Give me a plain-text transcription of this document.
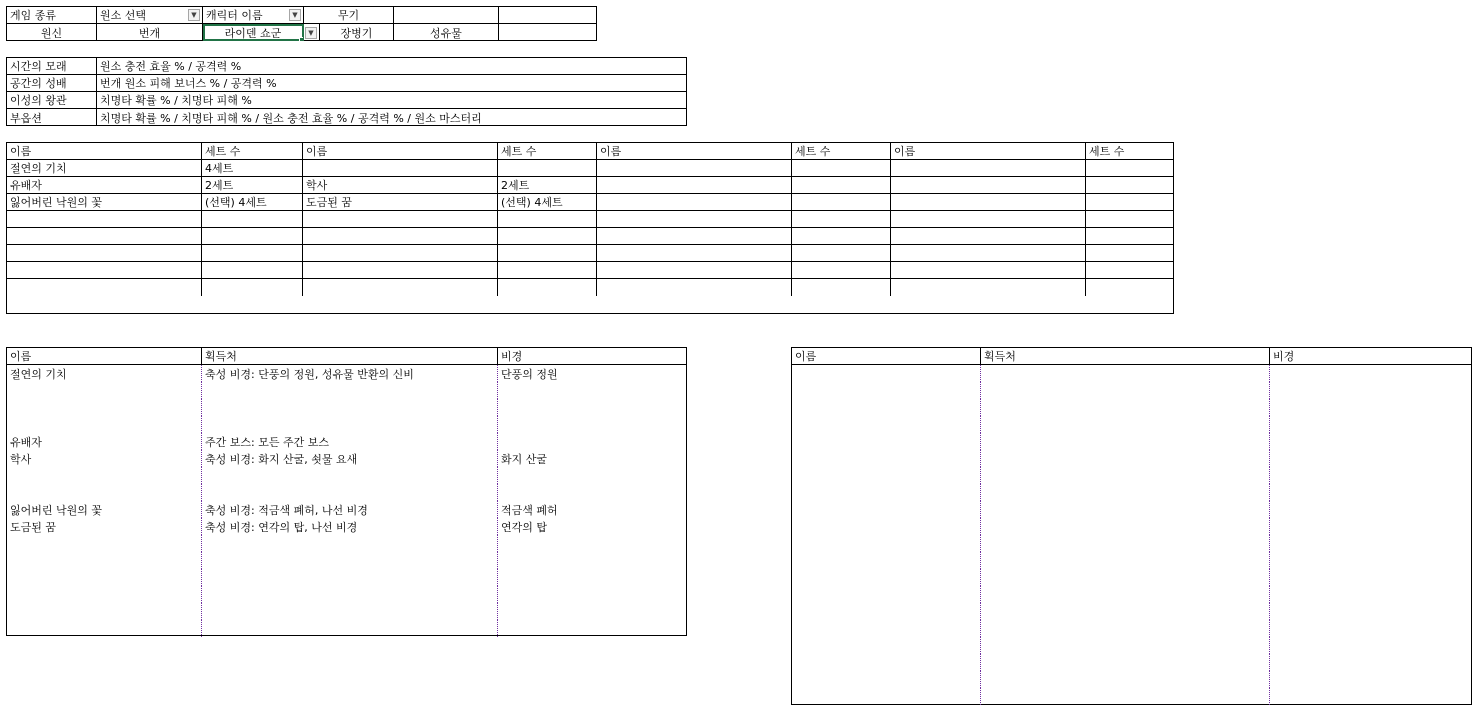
게임 종류	원소 선택	▼ 캐릭터 이름	▼	무기
원신	번개	라이덴 쇼군	▼	장병기	성유물
시간의 모래	원소 충전 효율 % / 공격력 %
공간의 성배	번개 원소 피해 보너스 % / 공격력 %
이성의 왕관	치명타 확률 % / 치명타 피해 %
부옵션	치명타 확률 % / 치명타 피해 % / 원소 충전 효율 % / 공격력 % / 원소 마스터리
이름	세트 수	이름	세트 수	이름	세트 수	이름	세트 수
절연의 기치	4세트
유배자	2세트	학사	2세트
잃어버린 낙원의 꽃	(선택) 4세트	도금된 꿈	(선택) 4세트
이름	획득처	비경
절연의 기치	축성 비경: 단풍의 정원, 성유물 반환의 신비	단풍의 정원
유배자	주간 보스: 모든 주간 보스
학사	축성 비경: 화지 산굴, 쇳물 요새	화지 산굴
잃어버린 낙원의 꽃	축성 비경: 적금색 폐허, 나선 비경	적금색 폐허
도금된 꿈	축성 비경: 연각의 탑, 나선 비경	연각의 탑
이름	획득처	비경
